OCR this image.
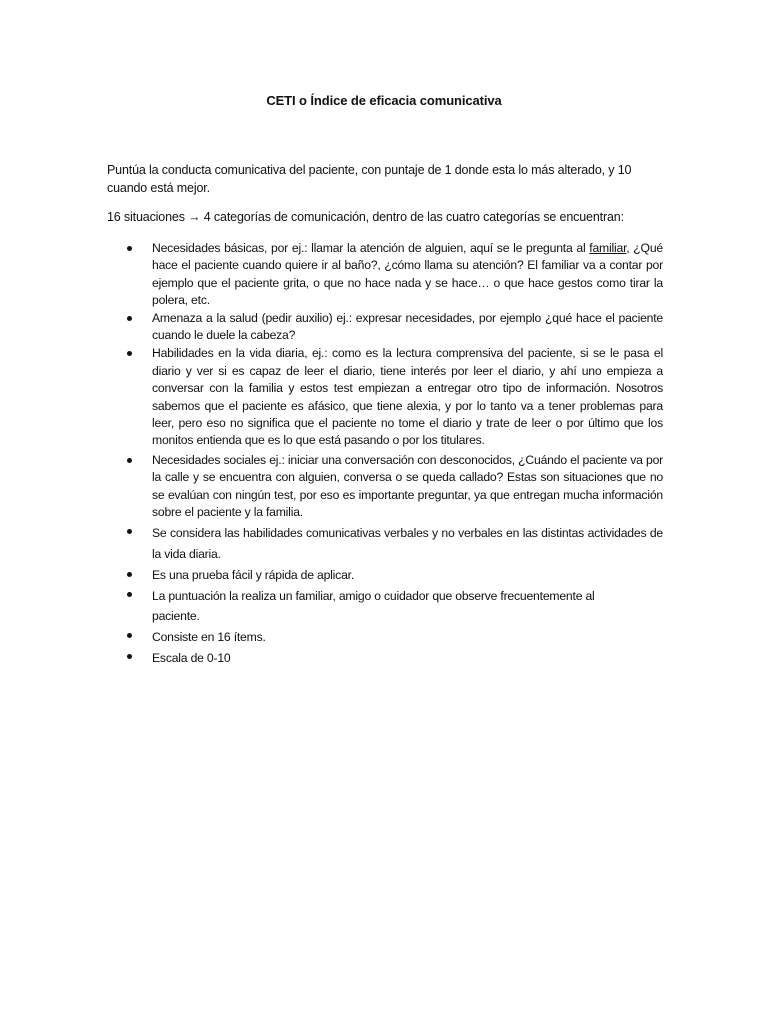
CETI o Índice de eficacia comunicativa
Puntúa la conducta comunicativa del paciente, con puntaje de 1 donde esta lo más alterado, y 10 cuando está mejor.
16 situaciones → 4 categorías de comunicación, dentro de las cuatro categorías se encuentran:
Necesidades básicas, por ej.: llamar la atención de alguien, aquí se le pregunta al familiar, ¿Qué hace el paciente cuando quiere ir al baño?, ¿cómo llama su atención? El familiar va a contar por ejemplo que el paciente grita, o que no hace nada y se hace… o que hace gestos como tirar la polera, etc.
Amenaza a la salud (pedir auxilio) ej.: expresar necesidades, por ejemplo ¿qué hace el paciente cuando le duele la cabeza?
Habilidades en la vida diaria, ej.: como es la lectura comprensiva del paciente, si se le pasa el diario y ver si es capaz de leer el diario, tiene interés por leer el diario, y ahí uno empieza a conversar con la familia y estos test empiezan a entregar otro tipo de información. Nosotros sabemos que el paciente es afásico, que tiene alexia, y por lo tanto va a tener problemas para leer, pero eso no significa que el paciente no tome el diario y trate de leer o por último que los monitos entienda que es lo que está pasando o por los titulares.
Necesidades sociales ej.: iniciar una conversación con desconocidos, ¿Cuándo el paciente va por la calle y se encuentra con alguien, conversa o se queda callado? Estas son situaciones que no se evalúan con ningún test, por eso es importante preguntar, ya que entregan mucha información sobre el paciente y la familia.
Se considera las habilidades comunicativas verbales y no verbales en las distintas actividades de la vida diaria.
Es una prueba fácil y rápida de aplicar.
La puntuación la realiza un familiar, amigo o cuidador que observe frecuentemente al paciente.
Consiste en 16 ítems.
Escala de 0-10
